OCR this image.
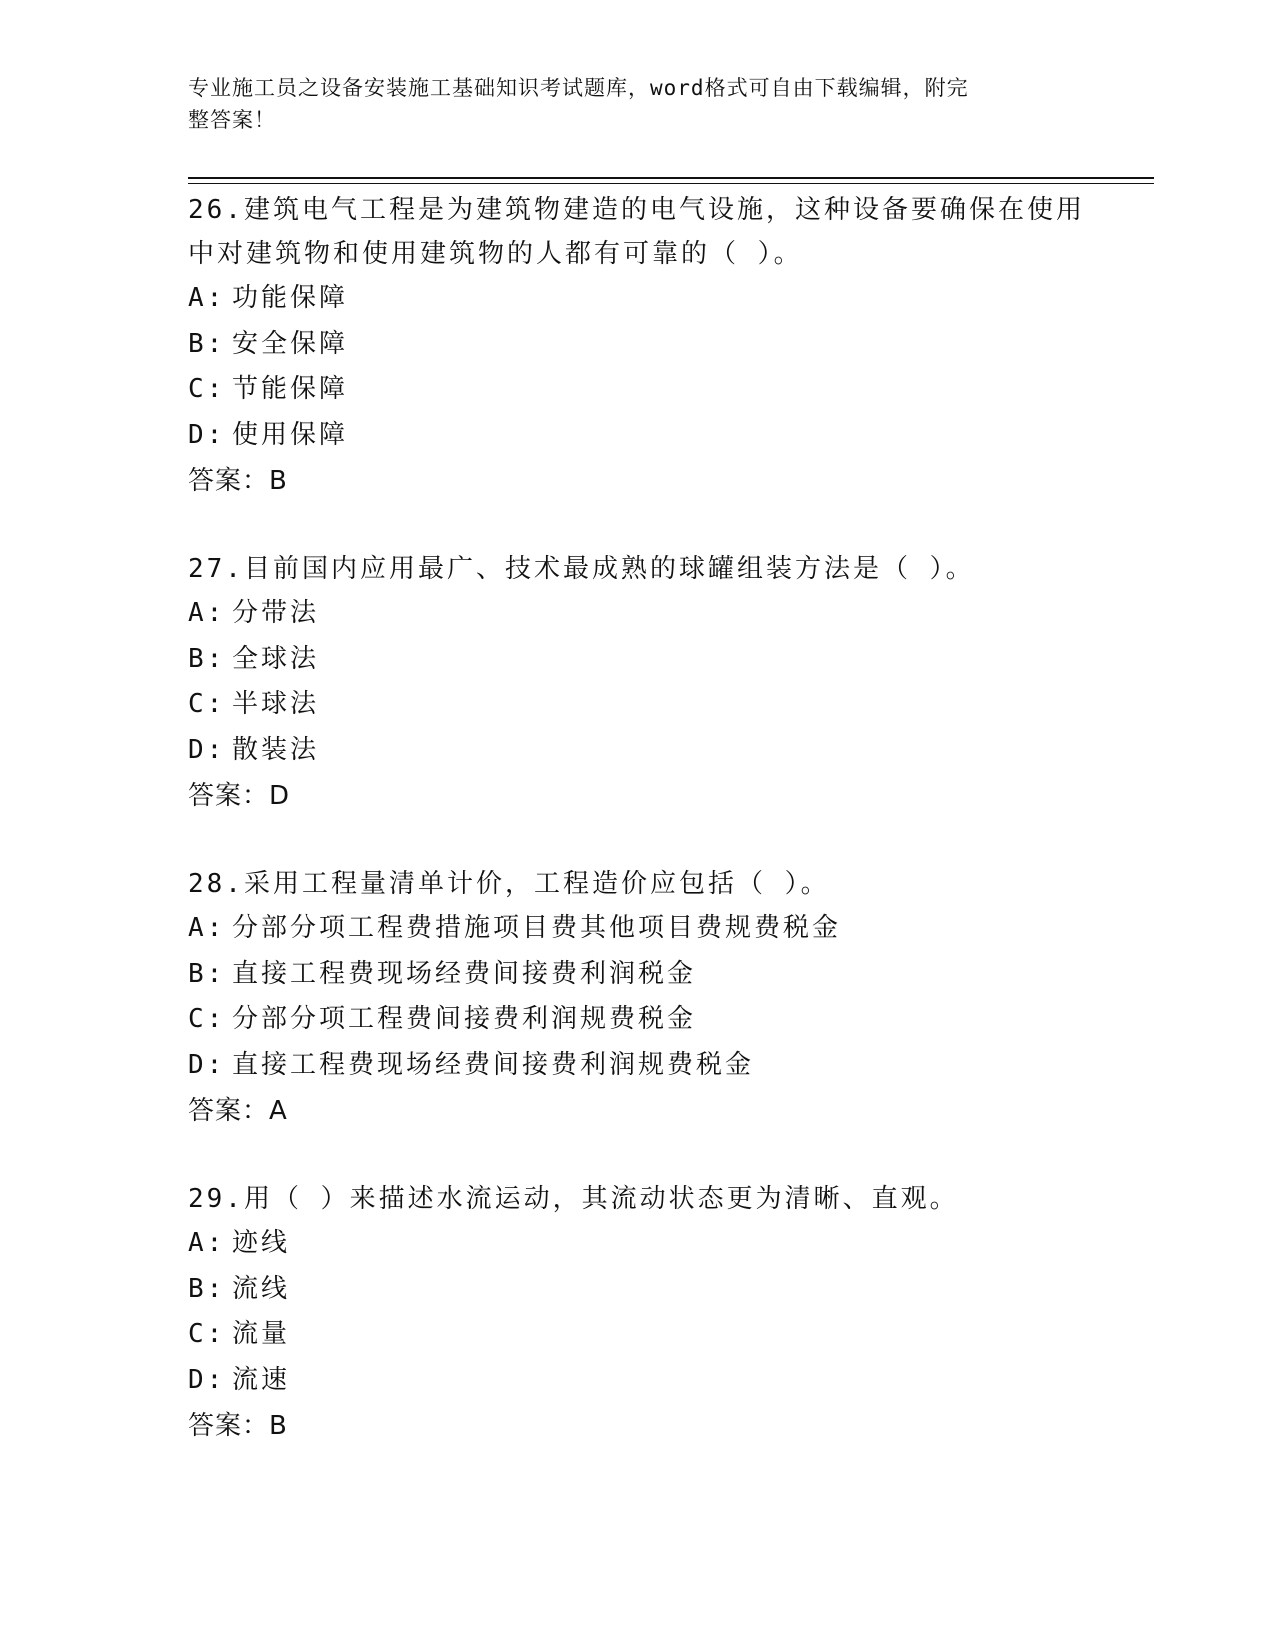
专业施工员之设备安装施工基础知识考试题库，word格式可自由下载编辑，附完
整答案！
26.建筑电气工程是为建筑物建造的电气设施，这种设备要确保在使用中对建筑物和使用建筑物的人都有可靠的（ ）。
A: 功能保障
B: 安全保障
C: 节能保障
D: 使用保障
答案：B
27.目前国内应用最广、技术最成熟的球罐组装方法是（ ）。
A: 分带法
B: 全球法
C: 半球法
D: 散装法
答案：D
28.采用工程量清单计价，工程造价应包括（ ）。
A: 分部分项工程费措施项目费其他项目费规费税金
B: 直接工程费现场经费间接费利润税金
C: 分部分项工程费间接费利润规费税金
D: 直接工程费现场经费间接费利润规费税金
答案：A
29.用（ ）来描述水流运动，其流动状态更为清晰、直观。
A: 迹线
B: 流线
C: 流量
D: 流速
答案：B
